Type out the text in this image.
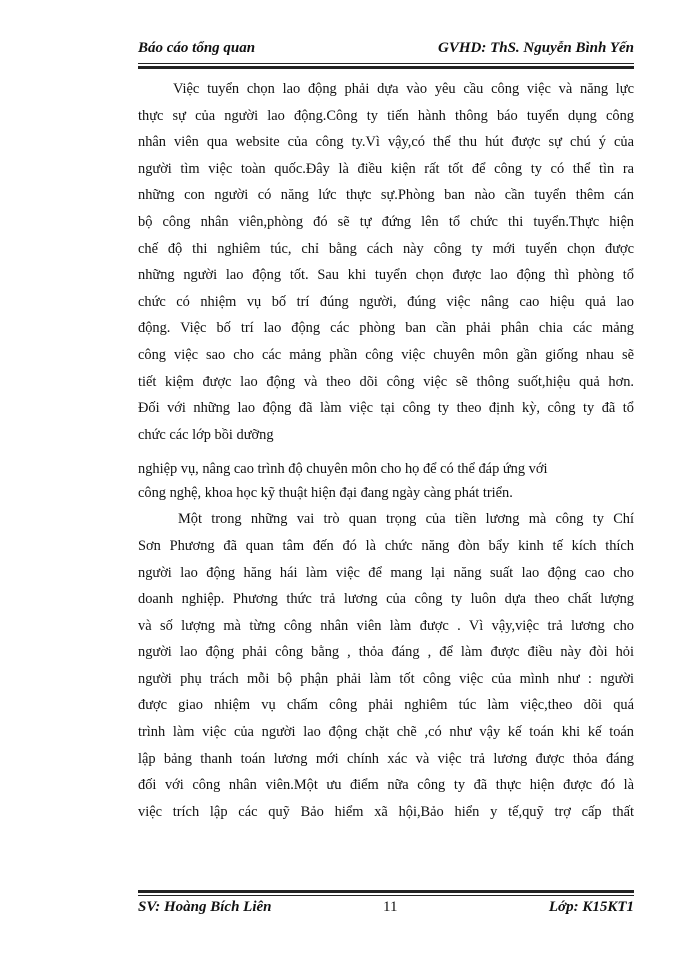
Báo cáo tổng quan	GVHD: ThS. Nguyễn Bình Yến
Việc tuyển chọn lao động phải dựa vào yêu cầu công việc và năng lực
thực sự của người lao động.Công ty tiến hành thông báo tuyển dụng công
nhân viên qua website của công ty.Vì vậy,có thể thu hút được sự chú ý của
người tìm việc toàn quốc.Đây là điều kiện rất tốt để công ty có thể tìn ra
những con người có năng lức thực sự.Phòng ban nào cần tuyển thêm cán
bộ công nhân viên,phòng đó sẽ tự đứng lên tổ chức thi tuyển.Thực hiện
chế độ thi nghiêm túc, chỉ bằng cách này công ty mới tuyển chọn được
những người lao động tốt. Sau khi tuyển chọn được lao động thì phòng tổ
chức có nhiệm vụ bố trí đúng người, đúng việc nâng cao hiệu quả lao
động. Việc bố trí lao động các phòng ban cần phải phân chia các mảng
công việc sao cho các mảng phần công việc chuyên môn gần giống nhau sẽ
tiết kiệm được lao động và theo dõi công việc sẽ thông suốt,hiệu quả hơn.
Đối với những lao động đã làm việc tại công ty theo định kỳ, công ty đã tổ
chức các lớp bồi dưỡng
nghiệp vụ, nâng cao trình độ chuyên môn cho họ để có thể đáp ứng với
công nghệ, khoa học kỹ thuật hiện đại đang ngày càng phát triển.
Một trong những vai trò quan trọng của tiền lương mà công ty Chí
Sơn Phương đã quan tâm đến đó là chức năng đòn bẩy kinh tế kích thích
người lao động hăng hái làm việc để mang lại năng suất lao động cao cho
doanh nghiệp. Phương thức trả lương của công ty luôn dựa theo chất lượng
và số lượng mà từng công nhân viên làm được . Vì vậy,việc trả lương cho
người lao động phải công bằng , thỏa đáng , để làm được điều này đòi hỏi
người phụ trách mỗi bộ phận phải làm tốt công việc của mình như : người
được giao nhiệm vụ chấm công phải nghiêm túc làm việc,theo dõi quá
trình làm việc của người lao động chặt chẽ ,có như vậy kế toán khi kế toán
lập bảng thanh toán lương mới chính xác và việc trả lương được thỏa đáng
đối với công nhân viên.Một ưu điểm nữa công ty đã thực hiện được đó là
việc trích lập các quỹ Bảo hiểm xã hội,Bảo hiển y tế,quỹ trợ cấp thất
SV: Hoàng Bích Liên	11	Lớp: K15KT1
